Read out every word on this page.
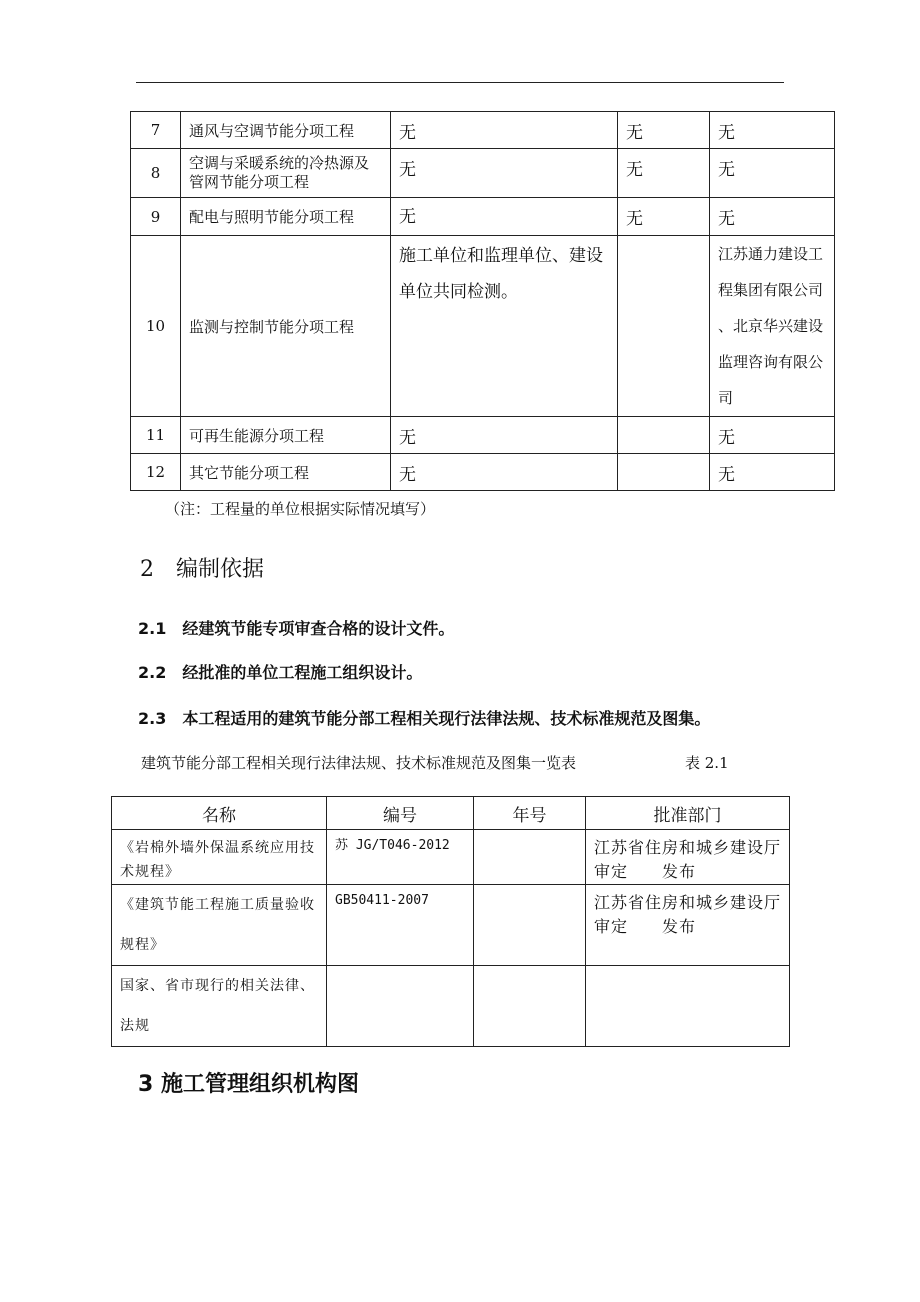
7	通风与空调节能分项工程	无	无	无
8	空调与采暖系统的冷热源及管网节能分项工程	无	无	无
9	配电与照明节能分项工程	无	无	无
10	监测与控制节能分项工程	施工单位和监理单位、建设单位共同检测。		江苏通力建设工程集团有限公司 、北京华兴建设监理咨询有限公司
11	可再生能源分项工程	无		无
12	其它节能分项工程	无		无
（注：工程量的单位根据实际情况填写）
2　编制依据
2.1　经建筑节能专项审查合格的设计文件。
2.2　经批准的单位工程施工组织设计。
2.3　本工程适用的建筑节能分部工程相关现行法律法规、技术标准规范及图集。
建筑节能分部工程相关现行法律法规、技术标准规范及图集一览表	表 2.1
名称	编号	年号	批准部门
《岩棉外墙外保温系统应用技术规程》	苏 JG/T046-2012		江苏省住房和城乡建设厅　审定　　发布
《建筑节能工程施工质量验收规程》	GB50411-2007		江苏省住房和城乡建设厅　审定　　发布
国家、省市现行的相关法律、法规			
3 施工管理组织机构图
